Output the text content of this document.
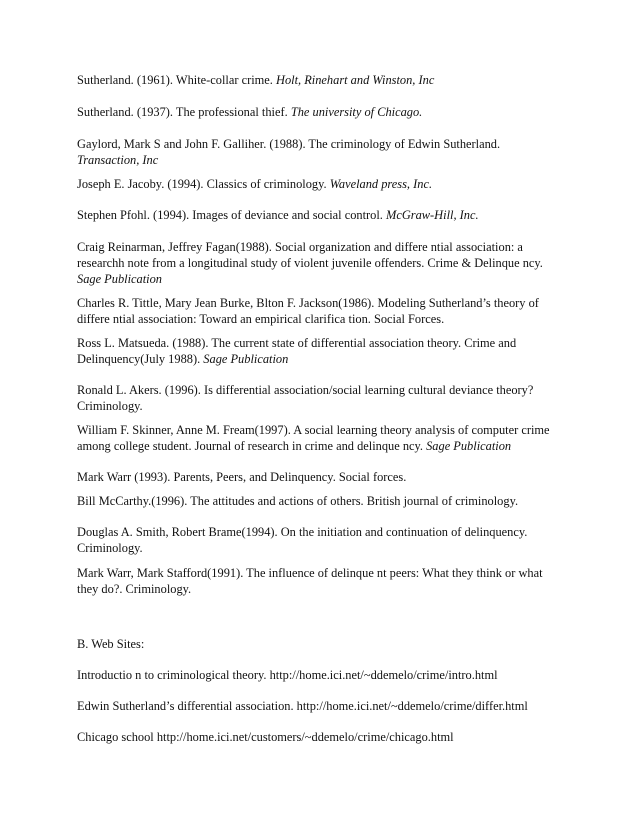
Sutherland. (1961). White-collar crime. Holt, Rinehart and Winston, Inc

Sutherland. (1937). The professional thief. The university of Chicago.

Gaylord, Mark S and John F. Galliher. (1988). The criminology of Edwin Sutherland.
Transaction, Inc

Joseph E. Jacoby. (1994). Classics of criminology. Waveland press, Inc.

Stephen Pfohl. (1994). Images of deviance and social control. McGraw-Hill, Inc.

Craig Reinarman, Jeffrey Fagan(1988). Social organization and differe ntial association: a
researchh note from a longitudinal study of violent juvenile offenders. Crime & Delinque ncy.
Sage Publication

Charles R. Tittle, Mary Jean Burke, Blton F. Jackson(1986). Modeling Sutherland’s theory of
differe ntial association: Toward an empirical clarifica tion. Social Forces.

Ross L. Matsueda. (1988). The current state of differential association theory. Crime and
Delinquency(July 1988). Sage Publication

Ronald L. Akers. (1996). Is differential association/social learning cultural deviance theory?
Criminology.

William F. Skinner, Anne M. Fream(1997). A social learning theory analysis of computer crime
among college student. Journal of research in crime and delinque ncy. Sage Publication

Mark Warr (1993). Parents, Peers, and Delinquency. Social forces.

Bill McCarthy.(1996). The attitudes and actions of others. British journal of criminology.

Douglas A. Smith, Robert Brame(1994). On the initiation and continuation of delinquency.
Criminology.

Mark Warr, Mark Stafford(1991). The influence of delinque nt peers: What they think or what
they do?. Criminology.

B. Web Sites:

Introductio n to criminological theory. http://home.ici.net/~ddemelo/crime/intro.html

Edwin Sutherland’s differential association. http://home.ici.net/~ddemelo/crime/differ.html

Chicago school http://home.ici.net/customers/~ddemelo/crime/chicago.html
